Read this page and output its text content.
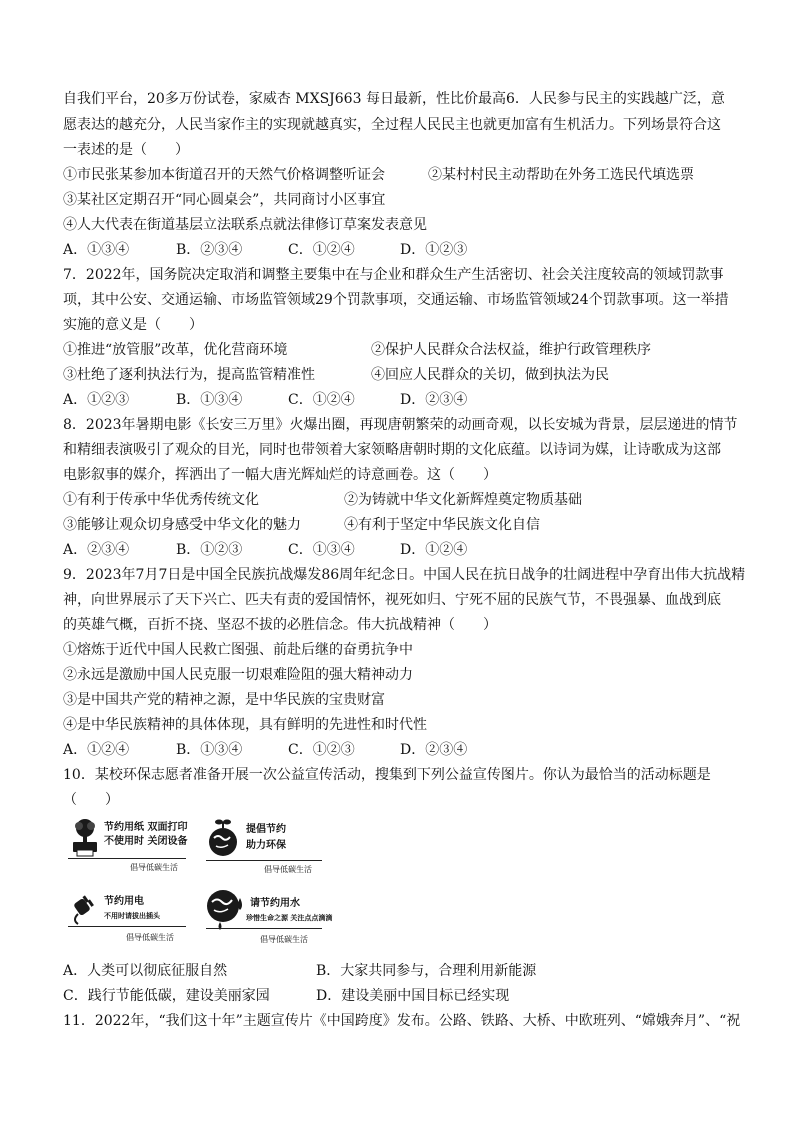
自我们平台，20多万份试卷，家威杏 MXSJ663 每日最新，性比价最高6．人民参与民主的实践越广泛，意
愿表达的越充分，人民当家作主的实现就越真实，全过程人民民主也就更加富有生机活力。下列场景符合这
一表述的是（　　）
①市民张某参加本街道召开的天然气价格调整听证会	②某村村民主动帮助在外务工选民代填选票
③某社区定期召开“同心圆桌会”，共同商讨小区事宜
④人大代表在街道基层立法联系点就法律修订草案发表意见
A．①③④	B．②③④	C．①②④	D．①②③
7．2022年，国务院决定取消和调整主要集中在与企业和群众生产生活密切、社会关注度较高的领域罚款事
项，其中公安、交通运输、市场监管领域29个罚款事项，交通运输、市场监管领域24个罚款事项。这一举措
实施的意义是（　　）
①推进“放管服”改革，优化营商环境	②保护人民群众合法权益，维护行政管理秩序
③杜绝了逐利执法行为，提高监管精准性	④回应人民群众的关切，做到执法为民
A．①②③	B．①③④	C．①②④	D．②③④
8．2023年暑期电影《长安三万里》火爆出圈，再现唐朝繁荣的动画奇观，以长安城为背景，层层递进的情节
和精细表演吸引了观众的目光，同时也带领着大家领略唐朝时期的文化底蕴。以诗词为媒，让诗歌成为这部
电影叙事的媒介，挥洒出了一幅大唐光辉灿烂的诗意画卷。这（　　）
①有利于传承中华优秀传统文化	②为铸就中华文化新辉煌奠定物质基础
③能够让观众切身感受中华文化的魅力	④有利于坚定中华民族文化自信
A．②③④	B．①②③	C．①③④	D．①②④
9．2023年7月7日是中国全民族抗战爆发86周年纪念日。中国人民在抗日战争的壮阔进程中孕育出伟大抗战精
神，向世界展示了天下兴亡、匹夫有责的爱国情怀，视死如归、宁死不屈的民族气节，不畏强暴、血战到底
的英雄气概，百折不挠、坚忍不拔的必胜信念。伟大抗战精神（　　）
①熔炼于近代中国人民救亡图强、前赴后继的奋勇抗争中
②永远是激励中国人民克服一切艰难险阻的强大精神动力
③是中国共产党的精神之源，是中华民族的宝贵财富
④是中华民族精神的具体体现，具有鲜明的先进性和时代性
A．①②④	B．①③④	C．①②③	D．②③④
10．某校环保志愿者准备开展一次公益宣传活动，搜集到下列公益宣传图片。你认为最恰当的活动标题是
（　　）
节约用纸 双面打印
不使用时 关闭设备
倡导低碳生活
提倡节约
助力环保
倡导低碳生活
节约用电
不用时请拔出插头
倡导低碳生活
请节约用水
珍惜生命之源 关注点点滴滴
倡导低碳生活
A．人类可以彻底征服自然	B．大家共同参与，合理利用新能源
C．践行节能低碳，建设美丽家园	D．建设美丽中国目标已经实现
11．2022年，“我们这十年”主题宣传片《中国跨度》发布。公路、铁路、大桥、中欧班列、“嫦娥奔月”、“祝
